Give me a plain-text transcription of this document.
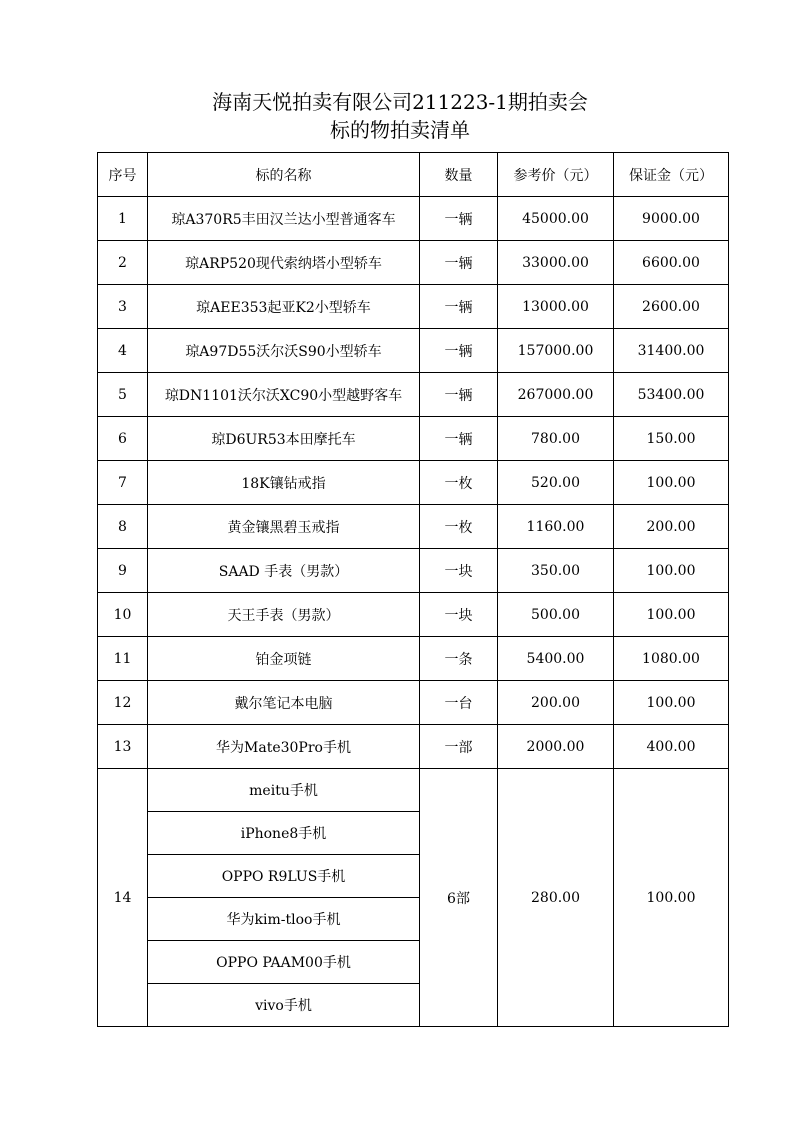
海南天悦拍卖有限公司211223-1期拍卖会
标的物拍卖清单
序号	标的名称	数量	参考价（元）	保证金（元）
1	琼A370R5丰田汉兰达小型普通客车	一辆	45000.00	9000.00
2	琼ARP520现代索纳塔小型轿车	一辆	33000.00	6600.00
3	琼AEE353起亚K2小型轿车	一辆	13000.00	2600.00
4	琼A97D55沃尔沃S90小型轿车	一辆	157000.00	31400.00
5	琼DN1101沃尔沃XC90小型越野客车	一辆	267000.00	53400.00
6	琼D6UR53本田摩托车	一辆	780.00	150.00
7	18K镶钻戒指	一枚	520.00	100.00
8	黄金镶黑碧玉戒指	一枚	1160.00	200.00
9	SAAD 手表（男款）	一块	350.00	100.00
10	天王手表（男款）	一块	500.00	100.00
11	铂金项链	一条	5400.00	1080.00
12	戴尔笔记本电脑	一台	200.00	100.00
13	华为Mate30Pro手机	一部	2000.00	400.00
14	meitu手机	6部	280.00	100.00
	iPhone8手机			
	OPPO R9LUS手机			
	华为kim-tloo手机			
	OPPO PAAM00手机			
	vivo手机			
